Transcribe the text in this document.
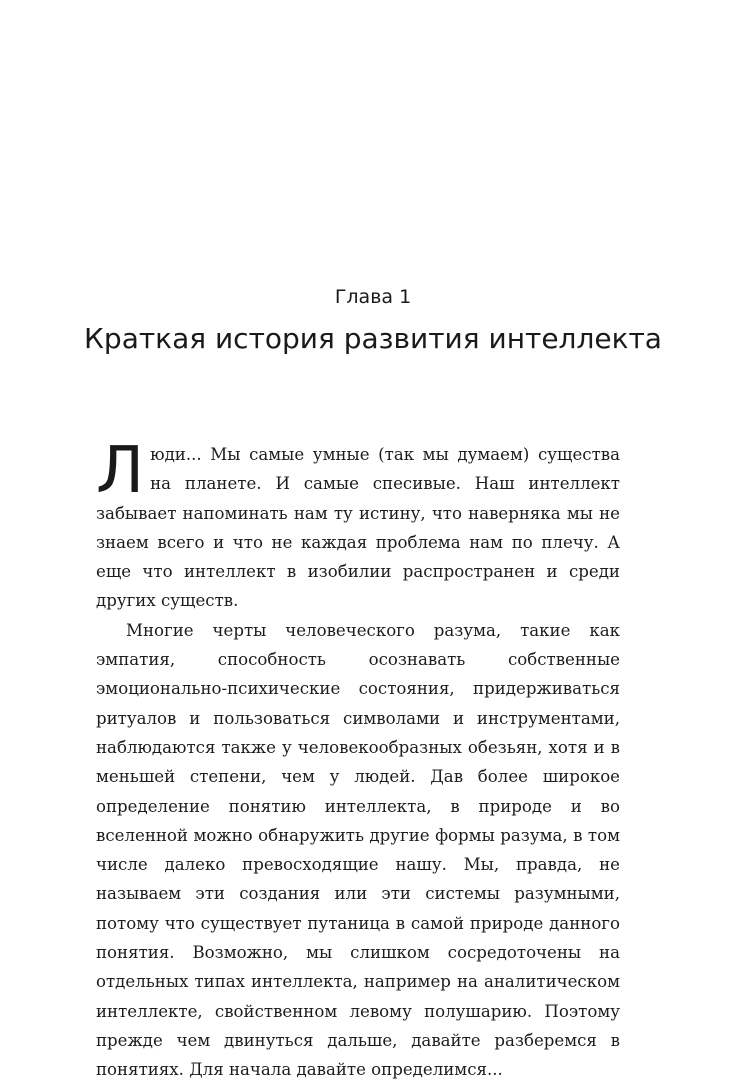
Глава 1
Краткая история развития интеллекта

Люди... Мы самые умные (так мы думаем) существа на планете. И самые спесивые. Наш интеллект забывает напоминать нам ту истину, что наверняка мы не знаем всего и что не каждая проблема нам по плечу. А еще что интеллект в изобилии распространен и среди других существ.

Многие черты человеческого разума, такие как эмпатия, способность осознавать собственные эмоционально-психические состояния, придерживаться ритуалов и пользоваться символами и инструментами, наблюдаются также у человекообразных обезьян, хотя и в меньшей степени, чем у людей. Дав более широкое определение понятию интеллекта, в природе и во вселенной можно обнаружить другие формы разума, в том числе далеко превосходящие нашу. Мы, правда, не называем эти создания или эти системы разумными, потому что существует путаница в самой природе данного понятия. Возможно, мы слишком сосредоточены на отдельных типах интеллекта, например на аналитическом интеллекте, свойственном левому полушарию. Поэтому прежде чем двинуться дальше, давайте разберемся в понятиях. Для начала давайте определимся...
